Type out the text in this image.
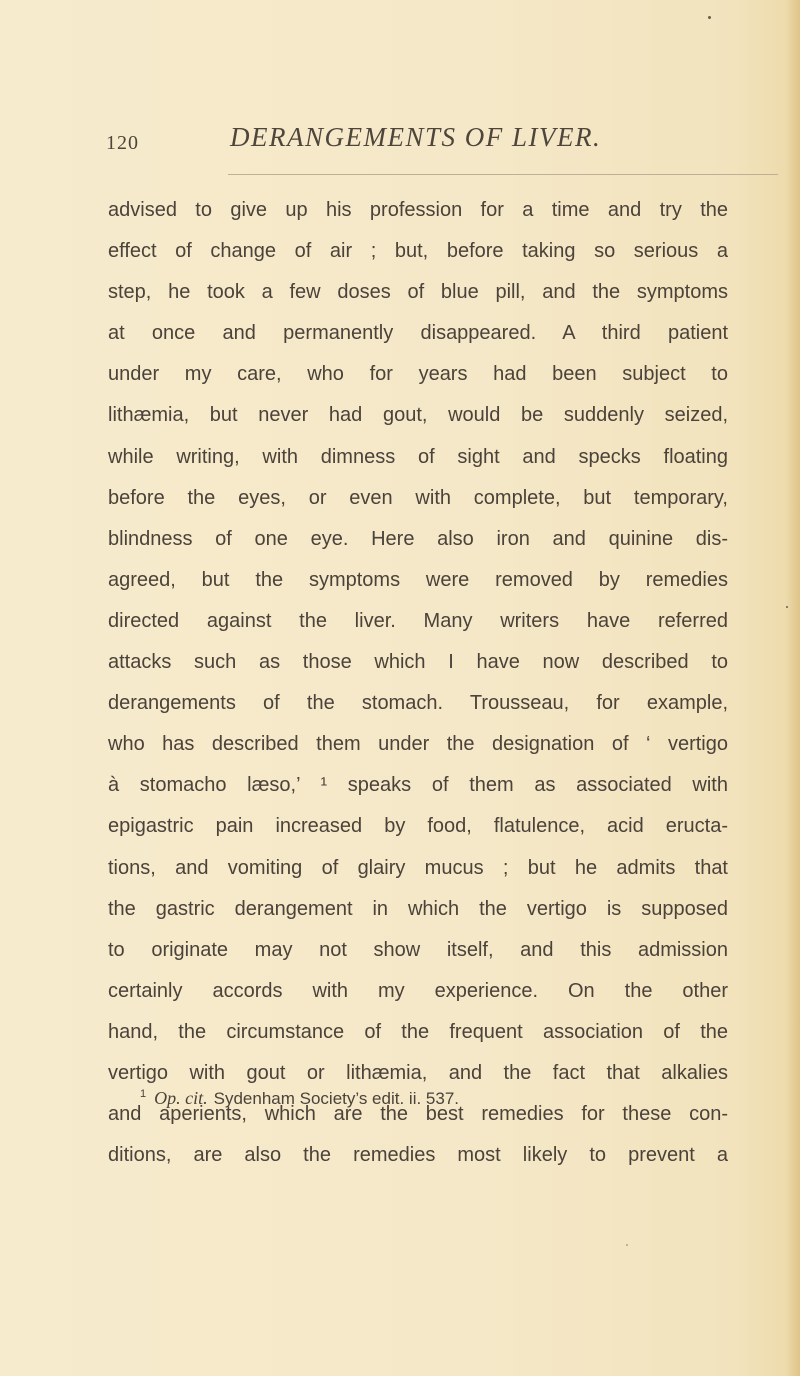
120	DERANGEMENTS OF LIVER.
advised to give up his profession for a time and try the
effect of change of air ; but, before taking so serious a
step, he took a few doses of blue pill, and the symptoms
at once and permanently disappeared. A third patient
under my care, who for years had been subject to
lithæmia, but never had gout, would be suddenly seized,
while writing, with dimness of sight and specks floating
before the eyes, or even with complete, but temporary,
blindness of one eye. Here also iron and quinine dis-
agreed, but the symptoms were removed by remedies
directed against the liver. Many writers have referred
attacks such as those which I have now described to
derangements of the stomach. Trousseau, for example,
who has described them under the designation of ‘ vertigo
à stomacho læso,’ ¹ speaks of them as associated with
epigastric pain increased by food, flatulence, acid eructa-
tions, and vomiting of glairy mucus ; but he admits that
the gastric derangement in which the vertigo is supposed
to originate may not show itself, and this admission
certainly accords with my experience. On the other
hand, the circumstance of the frequent association of the
vertigo with gout or lithæmia, and the fact that alkalies
and aperients, which are the best remedies for these con-
ditions, are also the remedies most likely to prevent a
$^1$ Op. cit. Sydenham Society’s edit. ii. 537.
